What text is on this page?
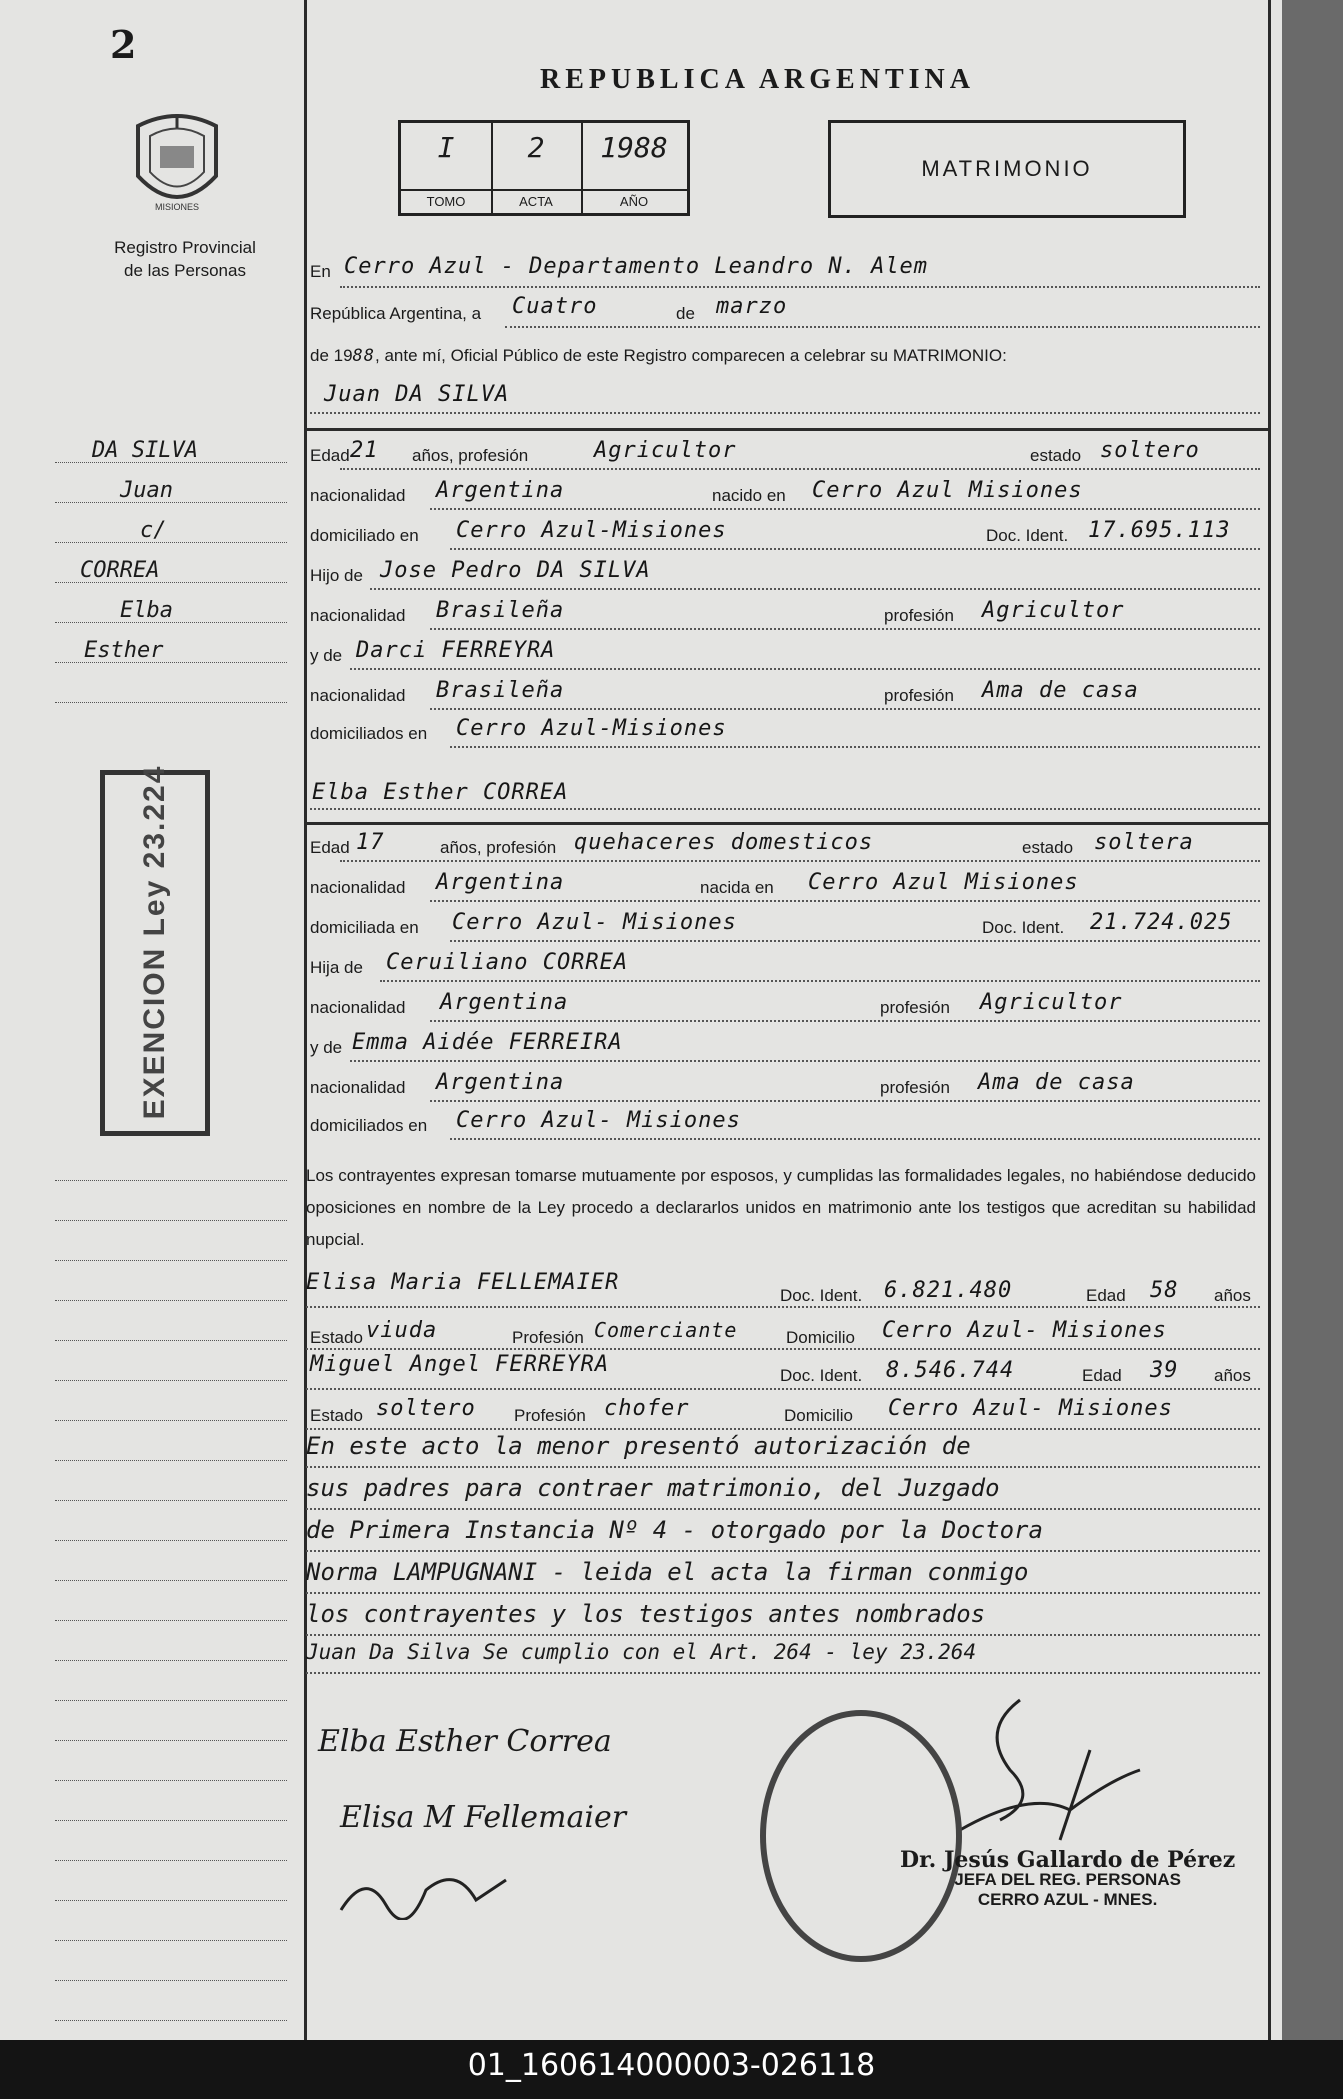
2
REPUBLICA ARGENTINA
MISIONES
Registro Provincial
de las Personas
I
TOMO
2
ACTA
1988
AÑO
MATRIMONIO
DA SILVA
Juan
c/
CORREA
Elba
Esther
EXENCION Ley 23.224
En Cerro Azul - Departamento Leandro N. Alem
República Argentina, a Cuatro	de marzo
de 1988, ante mí, Oficial Público de este Registro comparecen a celebrar su MATRIMONIO:
Juan DA SILVA
Edad 21 años, profesión	Agricultor	estado soltero
nacionalidad Argentina	nacido en Cerro Azul Misiones
domiciliado en Cerro Azul-Misiones	Doc. Ident. 17.695.113
Hijo de Jose Pedro DA SILVA
nacionalidad Brasileña	profesión Agricultor
y de Darci FERREYRA
nacionalidad Brasileña	profesión Ama de casa
domiciliados en Cerro Azul-Misiones
Elba Esther CORREA
Edad 17	años, profesión quehaceres domesticos	estado soltera
nacionalidad Argentina	nacida en Cerro Azul Misiones
domiciliada en Cerro Azul- Misiones	Doc. Ident. 21.724.025
Hija de Ceruiliano CORREA
nacionalidad Argentina	profesión Agricultor
y de Emma Aidée FERREIRA
nacionalidad Argentina	profesión Ama de casa
domiciliados en Cerro Azul- Misiones
Los contrayentes expresan tomarse mutuamente por esposos, y cumplidas las formalidades legales, no habiéndose deducido oposiciones en nombre de la Ley procedo a declararlos unidos en matrimonio ante los testigos que acreditan su habilidad nupcial.
Elisa Maria FELLEMAIER
Doc. Ident. 6.821.480	Edad 58 años
Estado viuda	Profesión Comerciante	Domicilio Cerro Azul- Misiones
Miguel Angel FERREYRA	Doc. Ident. 8.546.744	Edad 39 años
Estado soltero Profesión chofer	Domicilio Cerro Azul- Misiones
En este acto la menor presentó autorización de
sus padres para contraer matrimonio, del Juzgado
de Primera Instancia Nº 4 - otorgado por la Doctora
Norma LAMPUGNANI - leida el acta la firman conmigo
los contrayentes y los testigos antes nombrados
Juan Da Silva Se cumplio con el Art. 264 - ley 23.264
Elba Esther Correa
Elisa M Fellemaier
Dr. Jesús Gallardo de Pérez
JEFA DEL REG. PERSONAS
CERRO AZUL - MNES.
01_160614000003-026118
